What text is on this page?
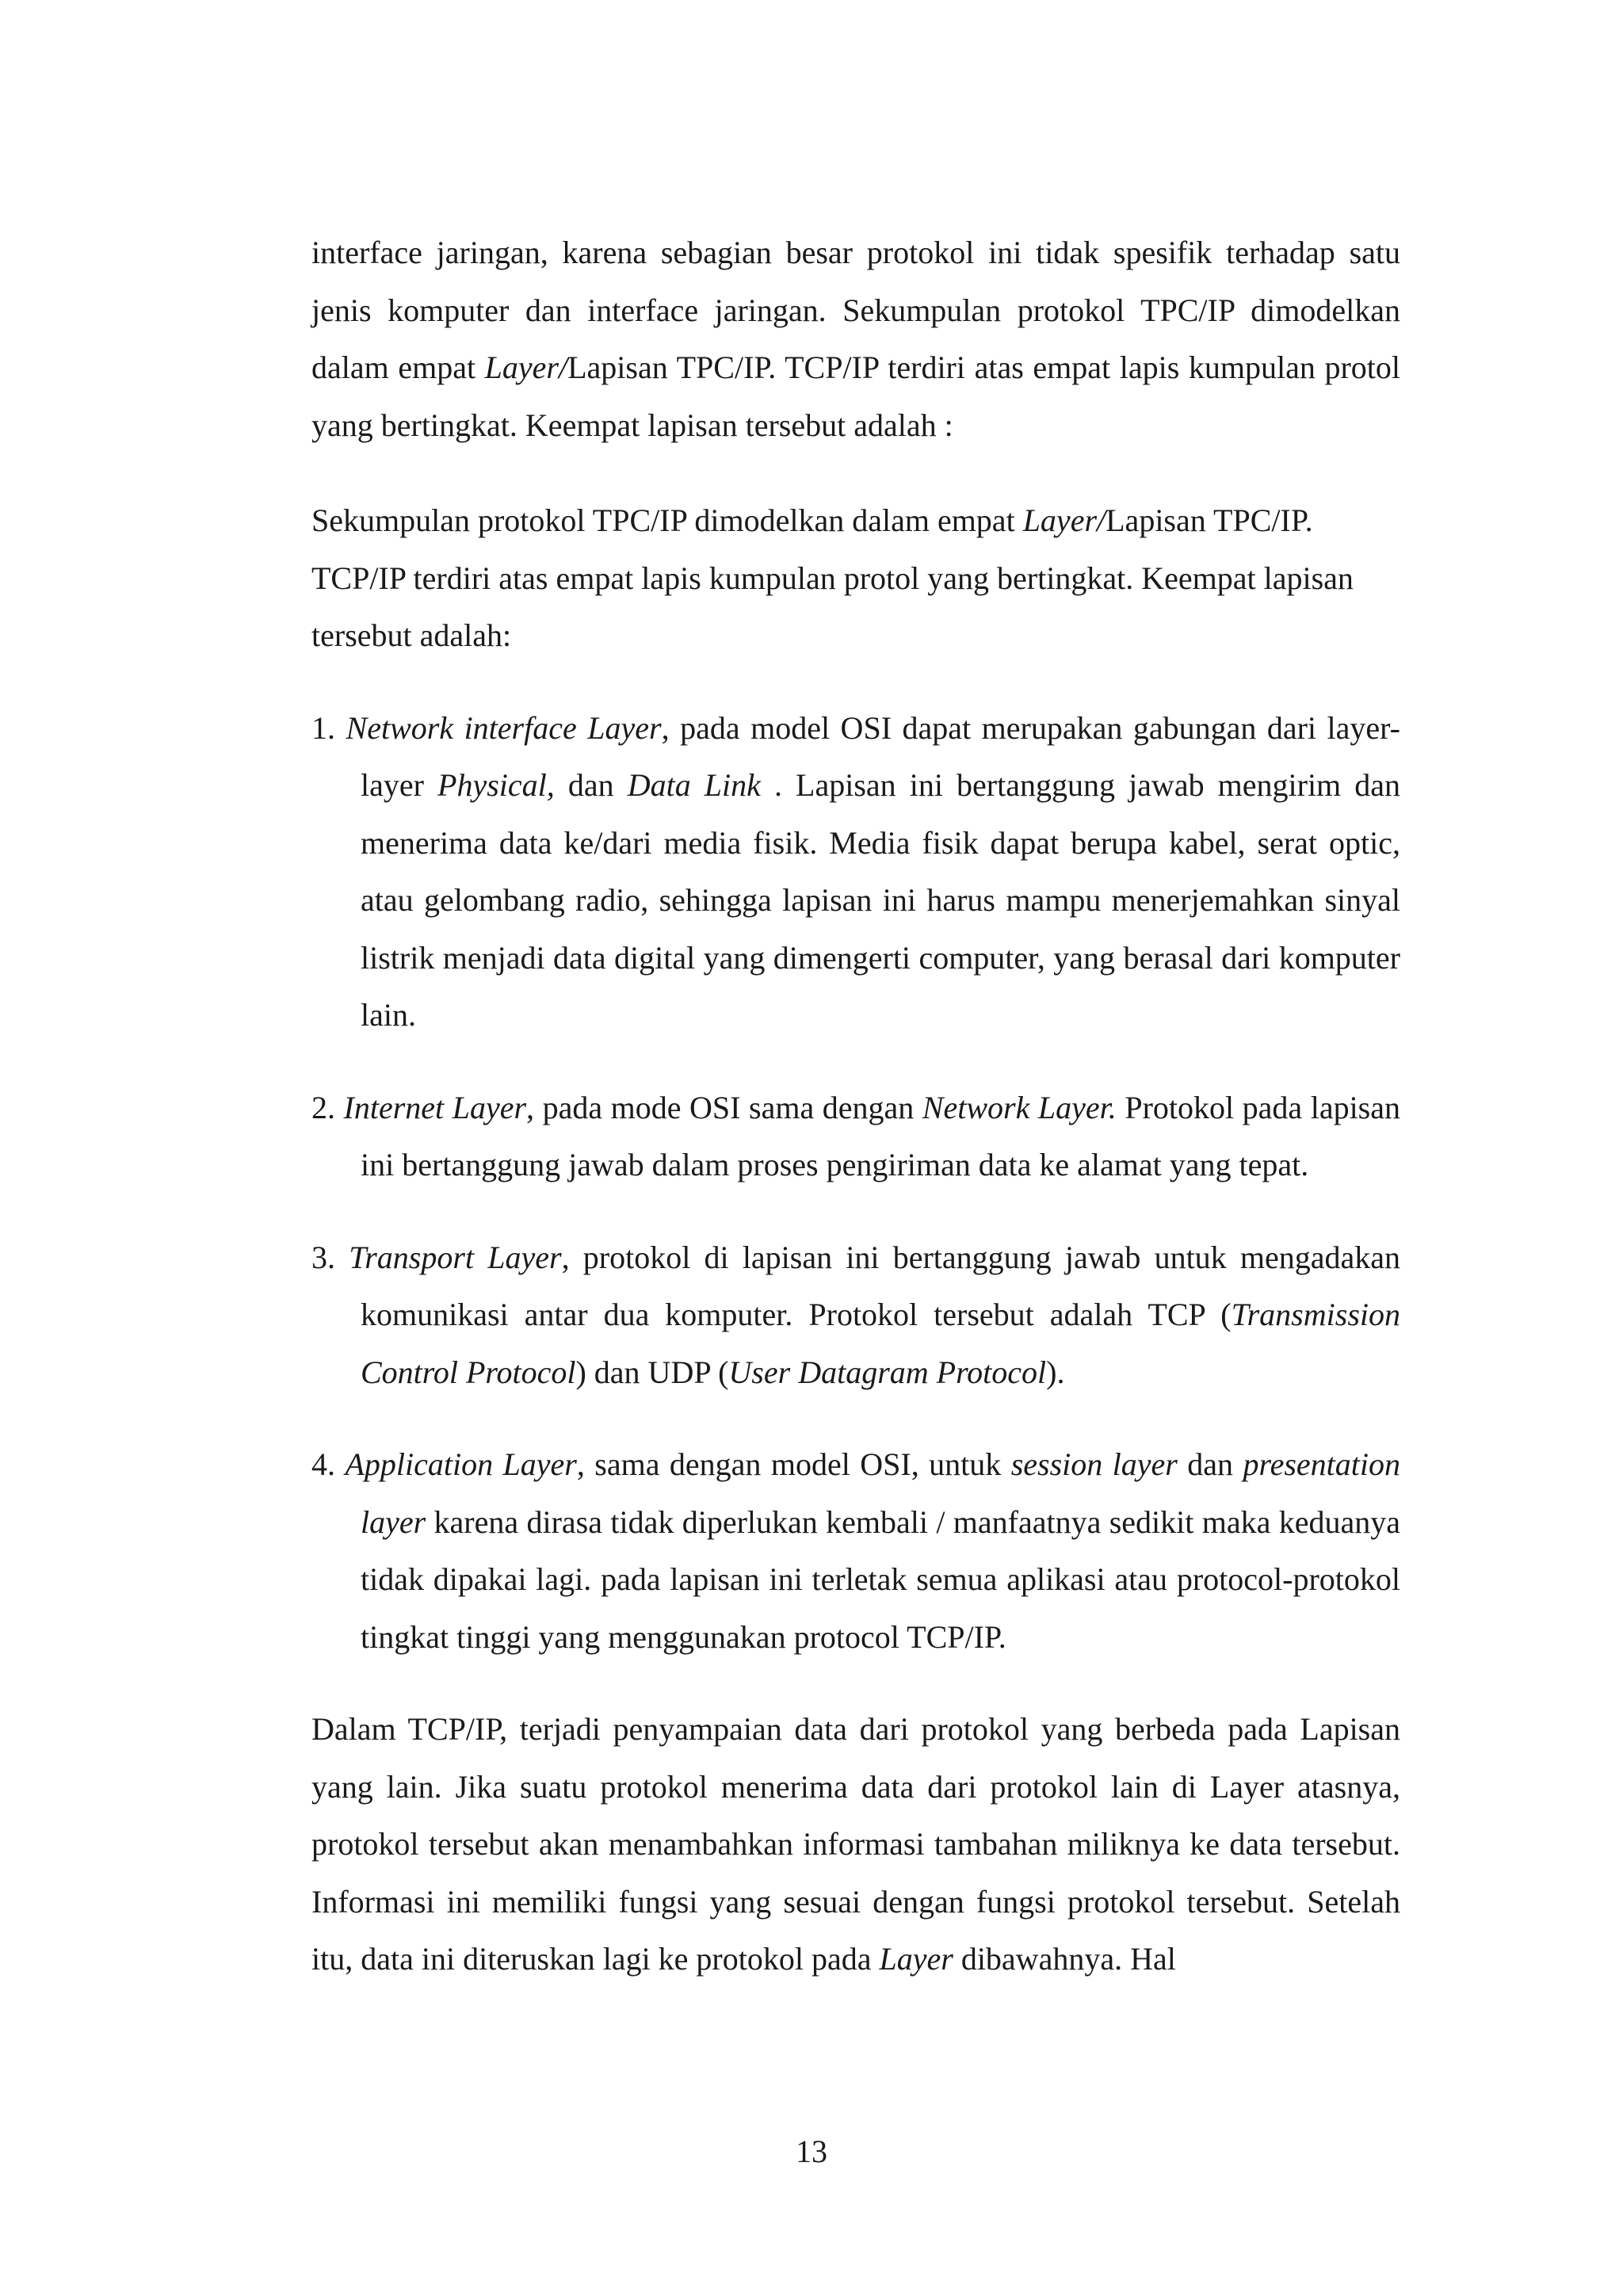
interface jaringan, karena sebagian besar protokol ini tidak spesifik terhadap satu jenis komputer dan interface jaringan. Sekumpulan protokol TPC/IP dimodelkan dalam empat Layer/Lapisan TPC/IP. TCP/IP terdiri atas empat lapis kumpulan protol yang bertingkat. Keempat lapisan tersebut adalah :

Sekumpulan protokol TPC/IP dimodelkan dalam empat Layer/Lapisan TPC/IP. TCP/IP terdiri atas empat lapis kumpulan protol yang bertingkat. Keempat lapisan tersebut adalah:

1. Network interface Layer, pada model OSI dapat merupakan gabungan dari layer-layer Physical, dan Data Link . Lapisan ini bertanggung jawab mengirim dan menerima data ke/dari media fisik. Media fisik dapat berupa kabel, serat optic, atau gelombang radio, sehingga lapisan ini harus mampu menerjemahkan sinyal listrik menjadi data digital yang dimengerti computer, yang berasal dari komputer lain.

2. Internet Layer, pada mode OSI sama dengan Network Layer. Protokol pada lapisan ini bertanggung jawab dalam proses pengiriman data ke alamat yang tepat.

3. Transport Layer, protokol di lapisan ini bertanggung jawab untuk mengadakan komunikasi antar dua komputer. Protokol tersebut adalah TCP (Transmission Control Protocol) dan UDP (User Datagram Protocol).

4. Application Layer, sama dengan model OSI, untuk session layer dan presentation layer karena dirasa tidak diperlukan kembali / manfaatnya sedikit maka keduanya tidak dipakai lagi. pada lapisan ini terletak semua aplikasi atau protocol-protokol tingkat tinggi yang menggunakan protocol TCP/IP.

Dalam TCP/IP, terjadi penyampaian data dari protokol yang berbeda pada Lapisan yang lain. Jika suatu protokol menerima data dari protokol lain di Layer atasnya, protokol tersebut akan menambahkan informasi tambahan miliknya ke data tersebut. Informasi ini memiliki fungsi yang sesuai dengan fungsi protokol tersebut. Setelah itu, data ini diteruskan lagi ke protokol pada Layer dibawahnya. Hal

13
